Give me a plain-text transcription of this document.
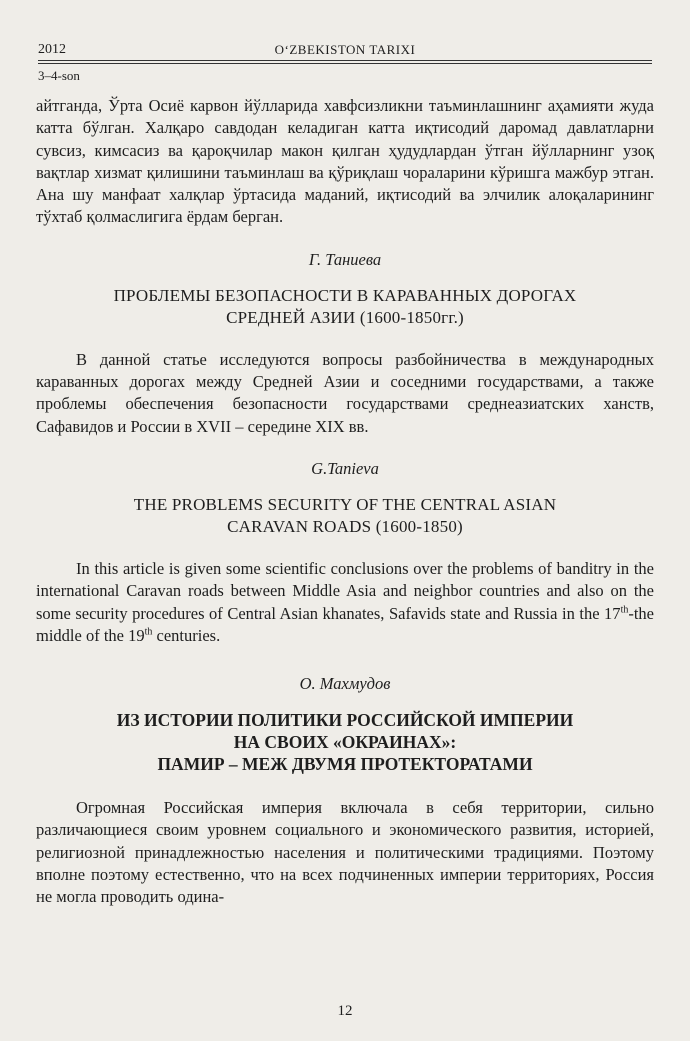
2012	O‘ZBEKISTON TARIXI
3–4-son

айтганда, Ўрта Осиё карвон йўлларида хавфсизликни таъминлашнинг аҳамияти жуда катта бўлган. Халқаро савдодан келадиган катта иқтисодий даромад давлатларни сувсиз, кимсасиз ва қароқчилар макон қилган ҳудудлардан ўтган йўлларнинг узоқ вақтлар хизмат қилишини таъминлаш ва қўриқлаш чораларини кўришга мажбур этган. Ана шу манфаат халқлар ўртасида маданий, иқтисодий ва элчилик алоқаларининг тўхтаб қолмаслигига ёрдам берган.

Г. Таниева
ПРОБЛЕМЫ БЕЗОПАСНОСТИ В КАРАВАННЫХ ДОРОГАХ
СРЕДНЕЙ АЗИИ (1600-1850гг.)

В данной статье исследуются вопросы разбойничества в международных караванных дорогах между Средней Азии и соседними государствами, а также проблемы обеспечения безопасности государствами среднеазиатских ханств, Сафавидов и России в XVII – середине XIX вв.

G.Tanieva
THE PROBLEMS SECURITY OF THE CENTRAL ASIAN
CARAVAN ROADS (1600-1850)

In this article is given some scientific conclusions over the problems of banditry in the international Caravan roads between Middle Asia and neighbor countries and also on the some security procedures of Central Asian khanates, Safavids state and Russia in the 17th-the middle of the 19th centuries.

О. Махмудов
ИЗ ИСТОРИИ ПОЛИТИКИ РОССИЙСКОЙ ИМПЕРИИ
НА СВОИХ «ОКРАИНАХ»:
ПАМИР – МЕЖ ДВУМЯ ПРОТЕКТОРАТАМИ

Огромная Российская империя включала в себя территории, сильно различающиеся своим уровнем социального и экономического развития, историей, религиозной принадлежностью населения и политическими традициями. Поэтому вполне поэтому естественно, что на всех подчиненных империи территориях, Россия не могла проводить одина-

12
